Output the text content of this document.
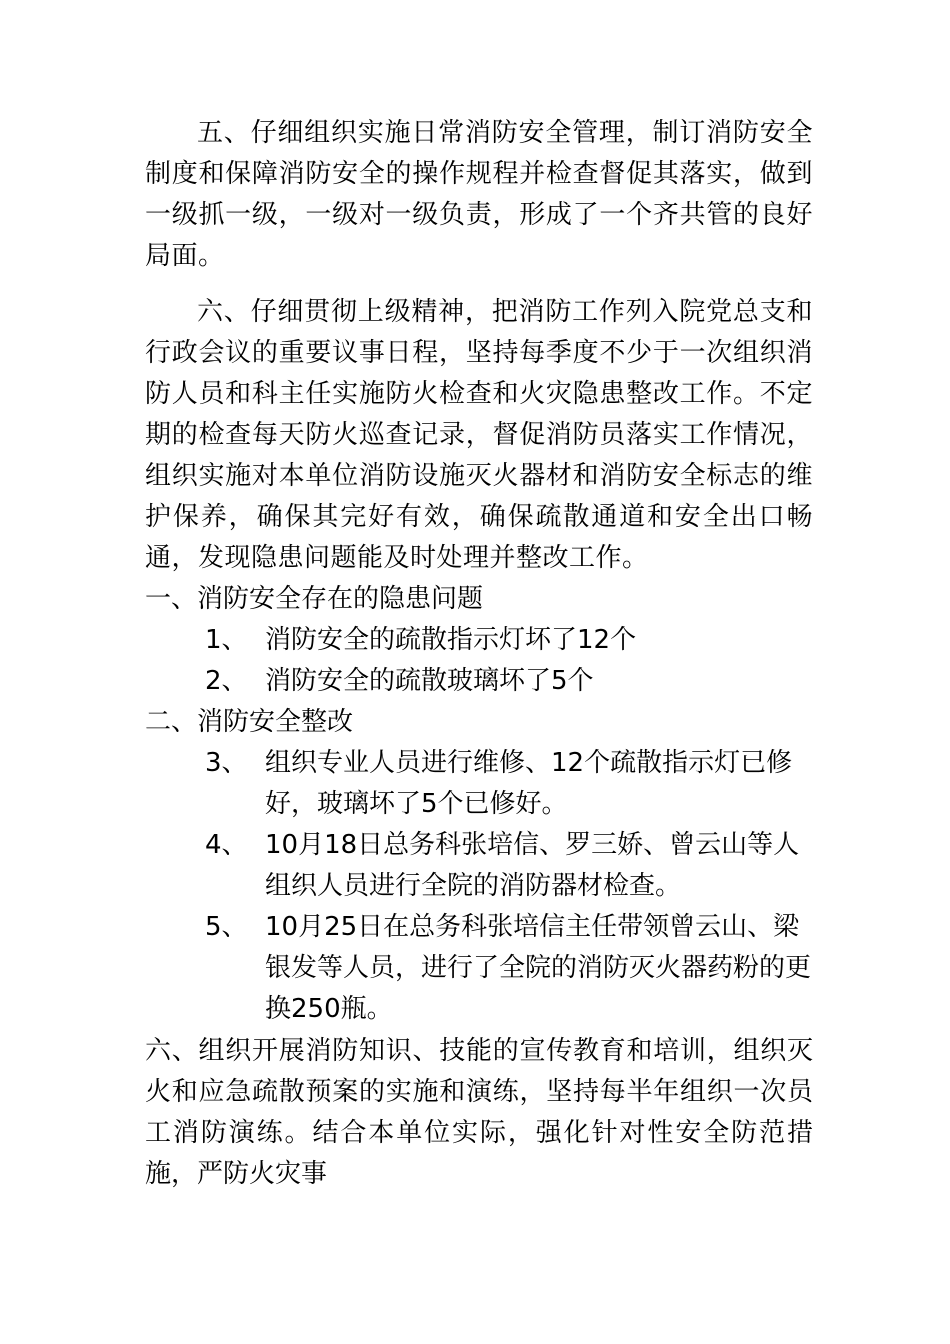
五、仔细组织实施日常消防安全管理，制订消防安全制度和保障消防安全的操作规程并检查督促其落实，做到一级抓一级，一级对一级负责，形成了一个齐共管的良好局面。

六、仔细贯彻上级精神，把消防工作列入院党总支和行政会议的重要议事日程，坚持每季度不少于一次组织消防人员和科主任实施防火检查和火灾隐患整改工作。不定期的检查每天防火巡查记录，督促消防员落实工作情况，组织实施对本单位消防设施灭火器材和消防安全标志的维护保养，确保其完好有效，确保疏散通道和安全出口畅通，发现隐患问题能及时处理并整改工作。

一、消防安全存在的隐患问题

1、 消防安全的疏散指示灯坏了12个
2、 消防安全的疏散玻璃坏了5个

二、消防安全整改

3、 组织专业人员进行维修、12个疏散指示灯已修好，玻璃坏了5个已修好。
4、 10月18日总务科张培信、罗三娇、曾云山等人组织人员进行全院的消防器材检查。
5、 10月25日在总务科张培信主任带领曾云山、梁银发等人员，进行了全院的消防灭火器药粉的更换250瓶。

六、组织开展消防知识、技能的宣传教育和培训，组织灭火和应急疏散预案的实施和演练，坚持每半年组织一次员工消防演练。结合本单位实际，强化针对性安全防范措施，严防火灾事
